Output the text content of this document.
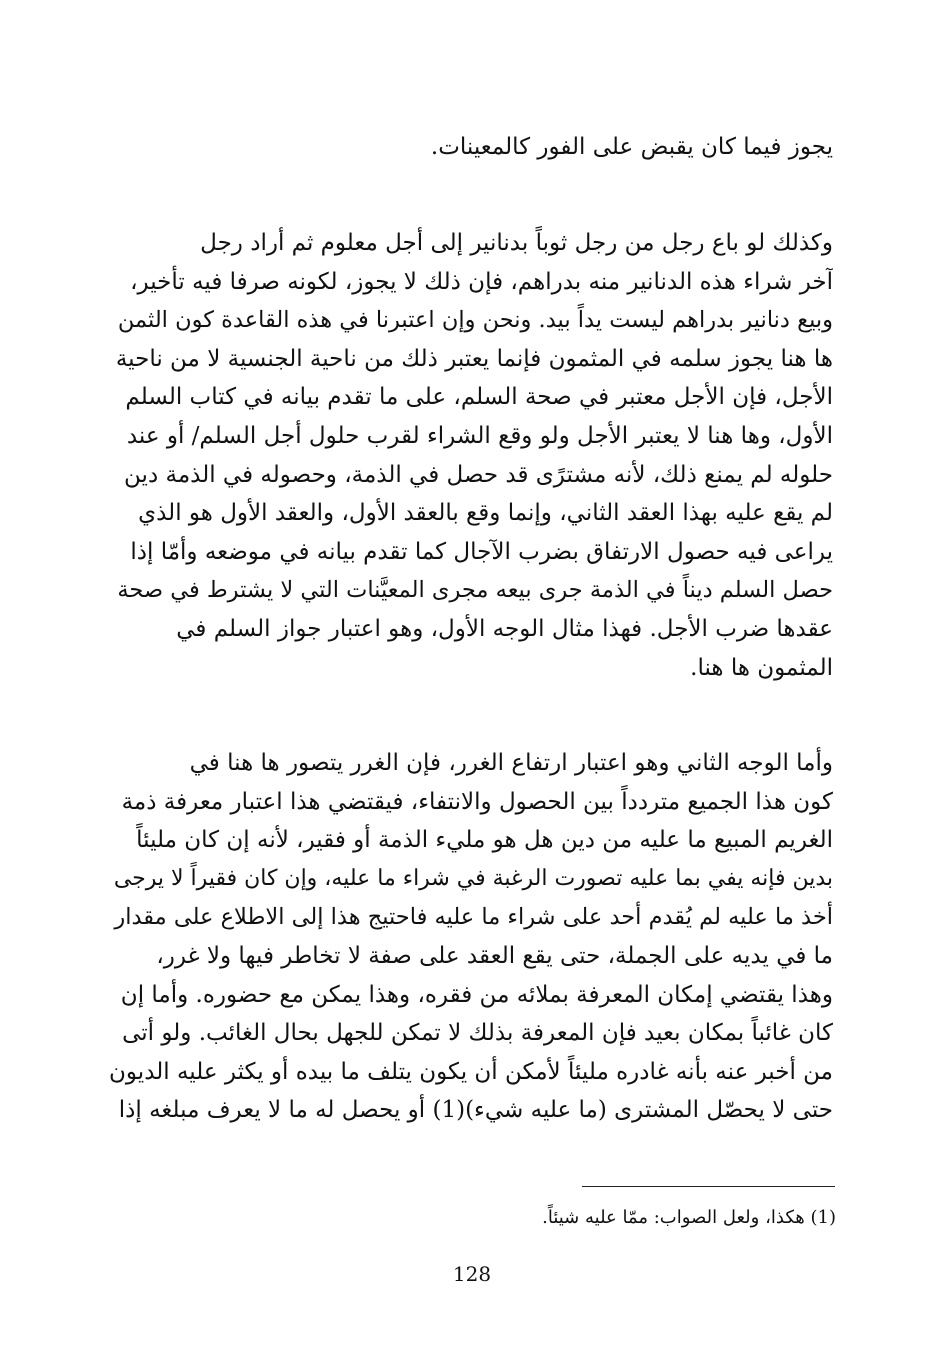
يجوز فيما كان يقبض على الفور كالمعينات.
وكذلك لو باع رجل من رجل ثوباً بدنانير إلى أجل معلوم ثم أراد رجل
آخر شراء هذه الدنانير منه بدراهم، فإن ذلك لا يجوز، لكونه صرفا فيه تأخير،
وبيع دنانير بدراهم ليست يداً بيد. ونحن وإن اعتبرنا في هذه القاعدة كون الثمن
ها هنا يجوز سلمه في المثمون فإنما يعتبر ذلك من ناحية الجنسية لا من ناحية
الأجل، فإن الأجل معتبر في صحة السلم، على ما تقدم بيانه في كتاب السلم
الأول، وها هنا لا يعتبر الأجل ولو وقع الشراء لقرب حلول أجل السلم/ أو عند
حلوله لم يمنع ذلك، لأنه مشترًى قد حصل في الذمة، وحصوله في الذمة دين
لم يقع عليه بهذا العقد الثاني، وإنما وقع بالعقد الأول، والعقد الأول هو الذي
يراعى فيه حصول الارتفاق بضرب الآجال كما تقدم بيانه في موضعه وأمّا إذا
حصل السلم ديناً في الذمة جرى بيعه مجرى المعيَّنات التي لا يشترط في صحة
عقدها ضرب الأجل. فهذا مثال الوجه الأول، وهو اعتبار جواز السلم في
المثمون ها هنا.
وأما الوجه الثاني وهو اعتبار ارتفاع الغرر، فإن الغرر يتصور ها هنا في
كون هذا الجميع متردداً بين الحصول والانتفاء، فيقتضي هذا اعتبار معرفة ذمة
الغريم المبيع ما عليه من دين هل هو مليء الذمة أو فقير، لأنه إن كان مليئاً
بدين فإنه يفي بما عليه تصورت الرغبة في شراء ما عليه، وإن كان فقيراً لا يرجى
أخذ ما عليه لم يُقدم أحد على شراء ما عليه فاحتيج هذا إلى الاطلاع على مقدار
ما في يديه على الجملة، حتى يقع العقد على صفة لا تخاطر فيها ولا غرر،
وهذا يقتضي إمكان المعرفة بملائه من فقره، وهذا يمكن مع حضوره. وأما إن
كان غائباً بمكان بعيد فإن المعرفة بذلك لا تمكن للجهل بحال الغائب. ولو أتى
من أخبر عنه بأنه غادره مليئاً لأمكن أن يكون يتلف ما بيده أو يكثر عليه الديون
حتى لا يحصّل المشترى (ما عليه شيء)(1) أو يحصل له ما لا يعرف مبلغه إذا

(1) هكذا، ولعل الصواب: ممّا عليه شيئاً.

128
